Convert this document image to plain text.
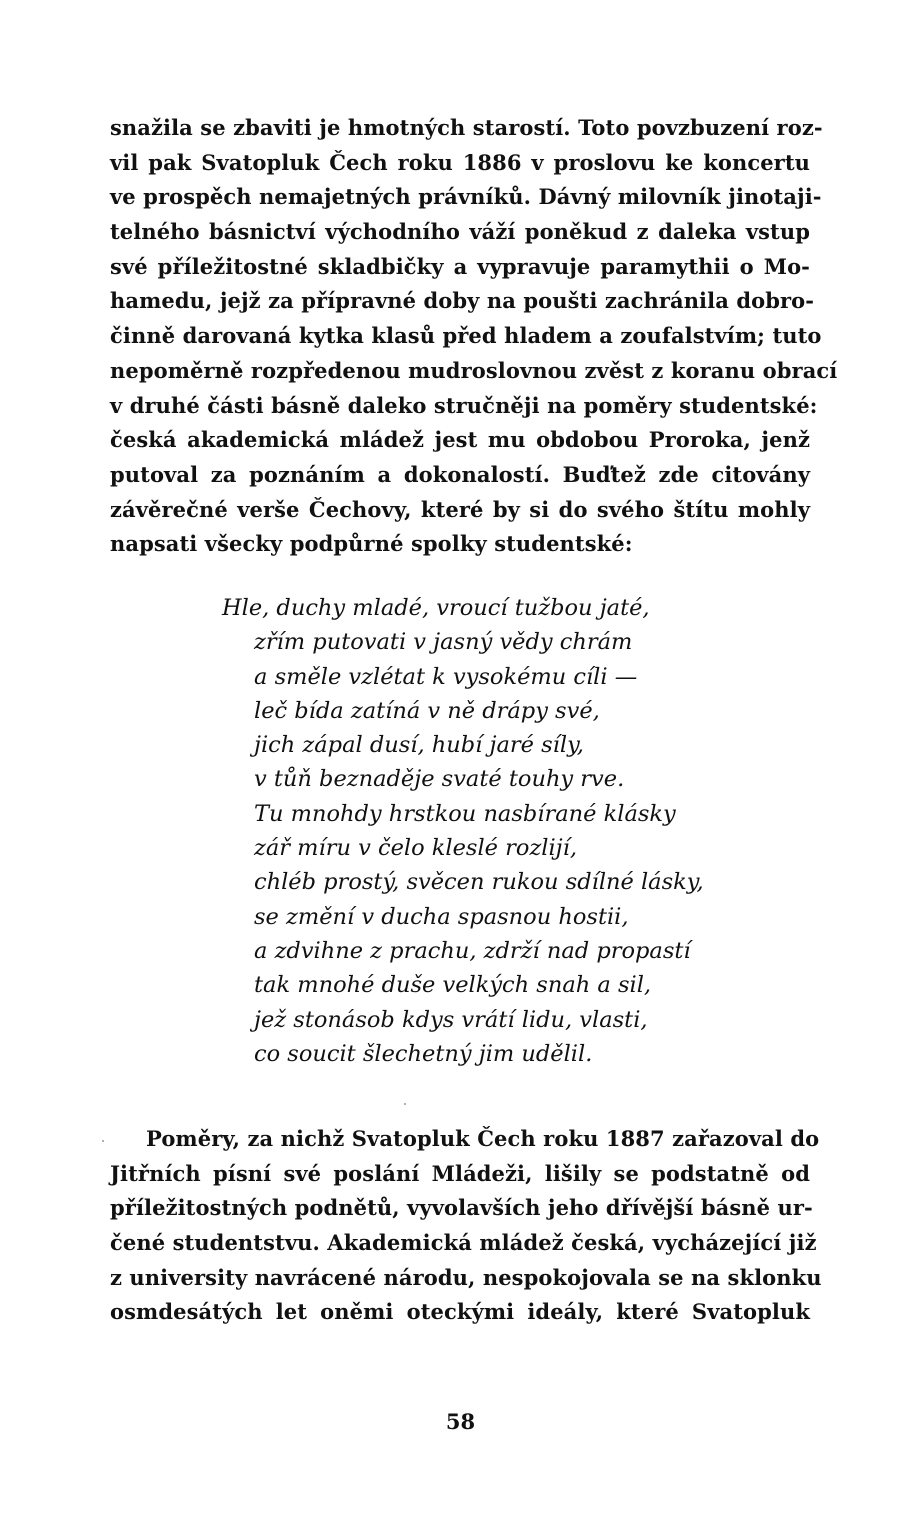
snažila se zbaviti je hmotných starostí. Toto povzbuzení roz-
vil pak Svatopluk Čech roku 1886 v proslovu ke koncertu
ve prospěch nemajetných právníků. Dávný milovník jinotaji-
telného básnictví východního váží poněkud z daleka vstup
své příležitostné skladbičky a vypravuje paramythii o Mo-
hamedu, jejž za přípravné doby na poušti zachránila dobro-
činně darovaná kytka klasů před hladem a zoufalstvím; tuto
nepoměrně rozpředenou mudroslovnou zvěst z koranu obrací
v druhé části básně daleko stručněji na poměry studentské:
česká akademická mládež jest mu obdobou Proroka, jenž
putoval za poznáním a dokonalostí. Buďtež zde citovány
závěrečné verše Čechovy, které by si do svého štítu mohly
napsati všecky podpůrné spolky studentské:
Hle, duchy mladé, vroucí tužbou jaté,
zřím putovati v jasný vědy chrám
a směle vzlétat k vysokému cíli —
leč bída zatíná v ně drápy své,
jich zápal dusí, hubí jaré síly,
v tůň beznaděje svaté touhy rve.
Tu mnohdy hrstkou nasbírané klásky
zář míru v čelo kleslé rozlijí,
chléb prostý, svěcen rukou sdílné lásky,
se změní v ducha spasnou hostii,
a zdvihne z prachu, zdrží nad propastí
tak mnohé duše velkých snah a sil,
jež stonásob kdys vrátí lidu, vlasti,
co soucit šlechetný jim udělil.
Poměry, za nichž Svatopluk Čech roku 1887 zařazoval do
Jitřních písní své poslání Mládeži, lišily se podstatně od
příležitostných podnětů, vyvolavších jeho dřívější básně ur-
čené studentstvu. Akademická mládež česká, vycházející již
z university navrácené národu, nespokojovala se na sklonku
osmdesátých let oněmi oteckými ideály, které Svatopluk
58
